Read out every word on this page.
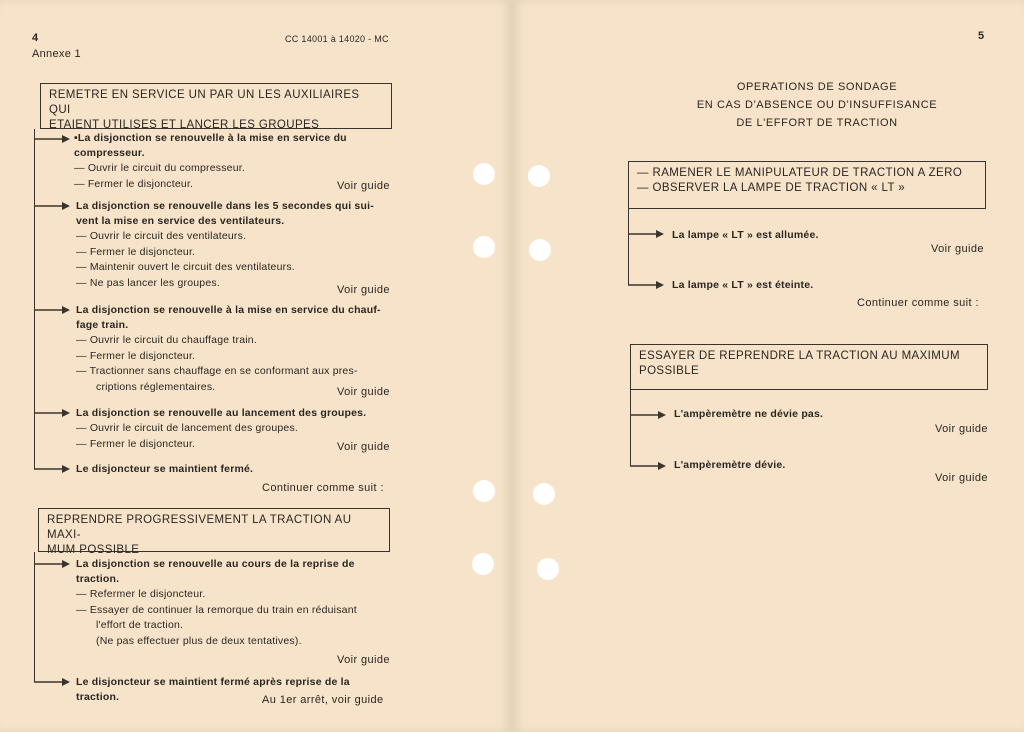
4
Annexe 1
CC 14001 à 14020 - MC
REMETRE EN SERVICE UN PAR UN LES AUXILIAIRES QUI
ETAIENT UTILISES ET LANCER LES GROUPES
•La disjonction se renouvelle à la mise en service du
compresseur.
— Ouvrir le circuit du compresseur.
— Fermer le disjoncteur.	Voir guide
La disjonction se renouvelle dans les 5 secondes qui sui-
vent la mise en service des ventilateurs.
— Ouvrir le circuit des ventilateurs.
— Fermer le disjoncteur.
— Maintenir ouvert le circuit des ventilateurs.
— Ne pas lancer les groupes.
Voir guide
La disjonction se renouvelle à la mise en service du chauf-
fage train.
— Ouvrir le circuit du chauffage train.
— Fermer le disjoncteur.
— Tractionner sans chauffage en se conformant aux pres-
criptions réglementaires.	Voir guide
La disjonction se renouvelle au lancement des groupes.
— Ouvrir le circuit de lancement des groupes.
— Fermer le disjoncteur.	Voir guide
Le disjoncteur se maintient fermé.
Continuer comme suit :
REPRENDRE PROGRESSIVEMENT LA TRACTION AU MAXI-
MUM POSSIBLE
La disjonction se renouvelle au cours de la reprise de
traction.
— Refermer le disjoncteur.
— Essayer de continuer la remorque du train en réduisant
l'effort de traction.
(Ne pas effectuer plus de deux tentatives).
Voir guide
Le disjoncteur se maintient fermé après reprise de la
traction.	Au 1er arrêt, voir guide
5
OPERATIONS DE SONDAGE
EN CAS D'ABSENCE OU D'INSUFFISANCE
DE L'EFFORT DE TRACTION
— RAMENER LE MANIPULATEUR DE TRACTION A ZERO
— OBSERVER LA LAMPE DE TRACTION « LT »
La lampe « LT » est allumée.
Voir guide
La lampe « LT » est éteinte.
Continuer comme suit :
ESSAYER DE REPRENDRE LA TRACTION AU MAXIMUM
POSSIBLE
L'ampèremètre ne dévie pas.
Voir guide
L'ampèremètre dévie.
Voir guide
